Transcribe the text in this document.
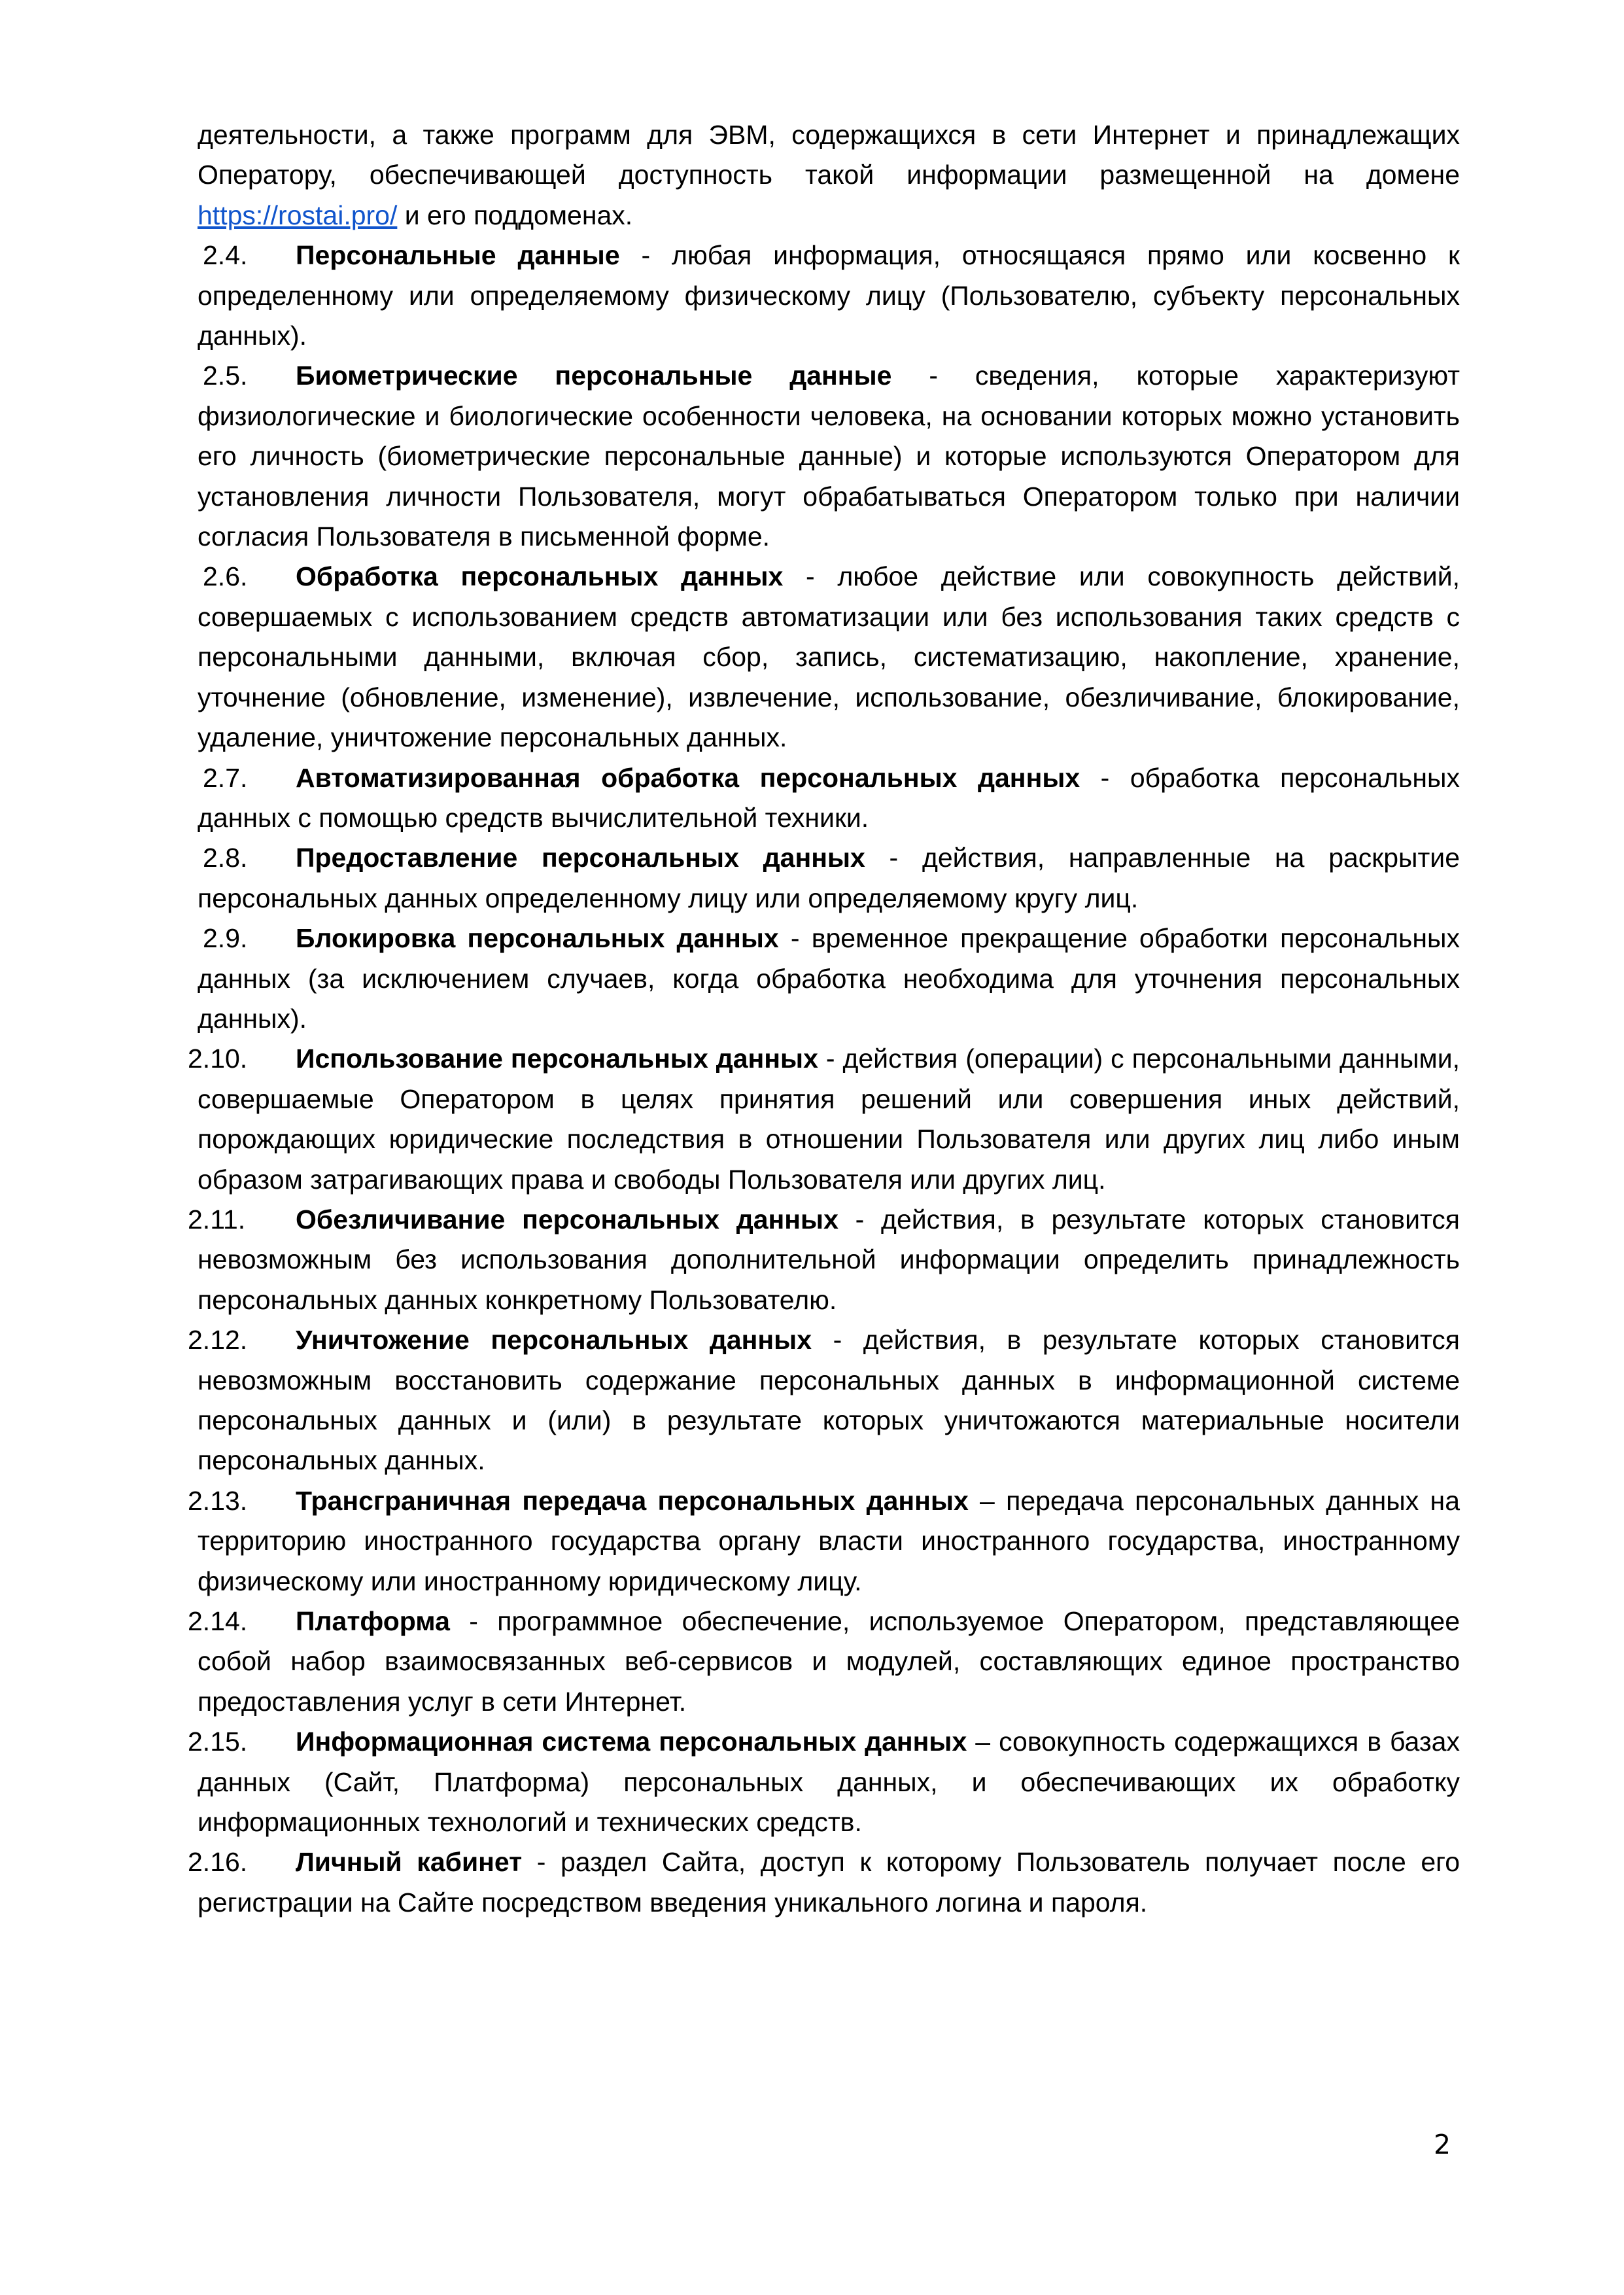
деятельности, а также программ для ЭВМ, содержащихся в сети Интернет и принадлежащих Оператору, обеспечивающей доступность такой информации размещенной на домене https://rostai.pro/ и его поддоменах.

2.4. Персональные данные - любая информация, относящаяся прямо или косвенно к определенному или определяемому физическому лицу (Пользователю, субъекту персональных данных).

2.5. Биометрические персональные данные - сведения, которые характеризуют физиологические и биологические особенности человека, на основании которых можно установить его личность (биометрические персональные данные) и которые используются Оператором для установления личности Пользователя, могут обрабатываться Оператором только при наличии согласия Пользователя в письменной форме.

2.6. Обработка персональных данных - любое действие или совокупность действий, совершаемых с использованием средств автоматизации или без использования таких средств с персональными данными, включая сбор, запись, систематизацию, накопление, хранение, уточнение (обновление, изменение), извлечение, использование, обезличивание, блокирование, удаление, уничтожение персональных данных.

2.7. Автоматизированная обработка персональных данных - обработка персональных данных с помощью средств вычислительной техники.

2.8. Предоставление персональных данных - действия, направленные на раскрытие персональных данных определенному лицу или определяемому кругу лиц.

2.9. Блокировка персональных данных - временное прекращение обработки персональных данных (за исключением случаев, когда обработка необходима для уточнения персональных данных).

2.10. Использование персональных данных - действия (операции) с персональными данными, совершаемые Оператором в целях принятия решений или совершения иных действий, порождающих юридические последствия в отношении Пользователя или других лиц либо иным образом затрагивающих права и свободы Пользователя или других лиц.

2.11. Обезличивание персональных данных - действия, в результате которых становится невозможным без использования дополнительной информации определить принадлежность персональных данных конкретному Пользователю.

2.12. Уничтожение персональных данных - действия, в результате которых становится невозможным восстановить содержание персональных данных в информационной системе персональных данных и (или) в результате которых уничтожаются материальные носители персональных данных.

2.13. Трансграничная передача персональных данных – передача персональных данных на территорию иностранного государства органу власти иностранного государства, иностранному физическому или иностранному юридическому лицу.

2.14. Платформа - программное обеспечение, используемое Оператором, представляющее собой набор взаимосвязанных веб-сервисов и модулей, составляющих единое пространство предоставления услуг в сети Интернет.

2.15. Информационная система персональных данных – совокупность содержащихся в базах данных (Сайт, Платформа) персональных данных, и обеспечивающих их обработку информационных технологий и технических средств.

2.16. Личный кабинет - раздел Сайта, доступ к которому Пользователь получает после его регистрации на Сайте посредством введения уникального логина и пароля.

2
